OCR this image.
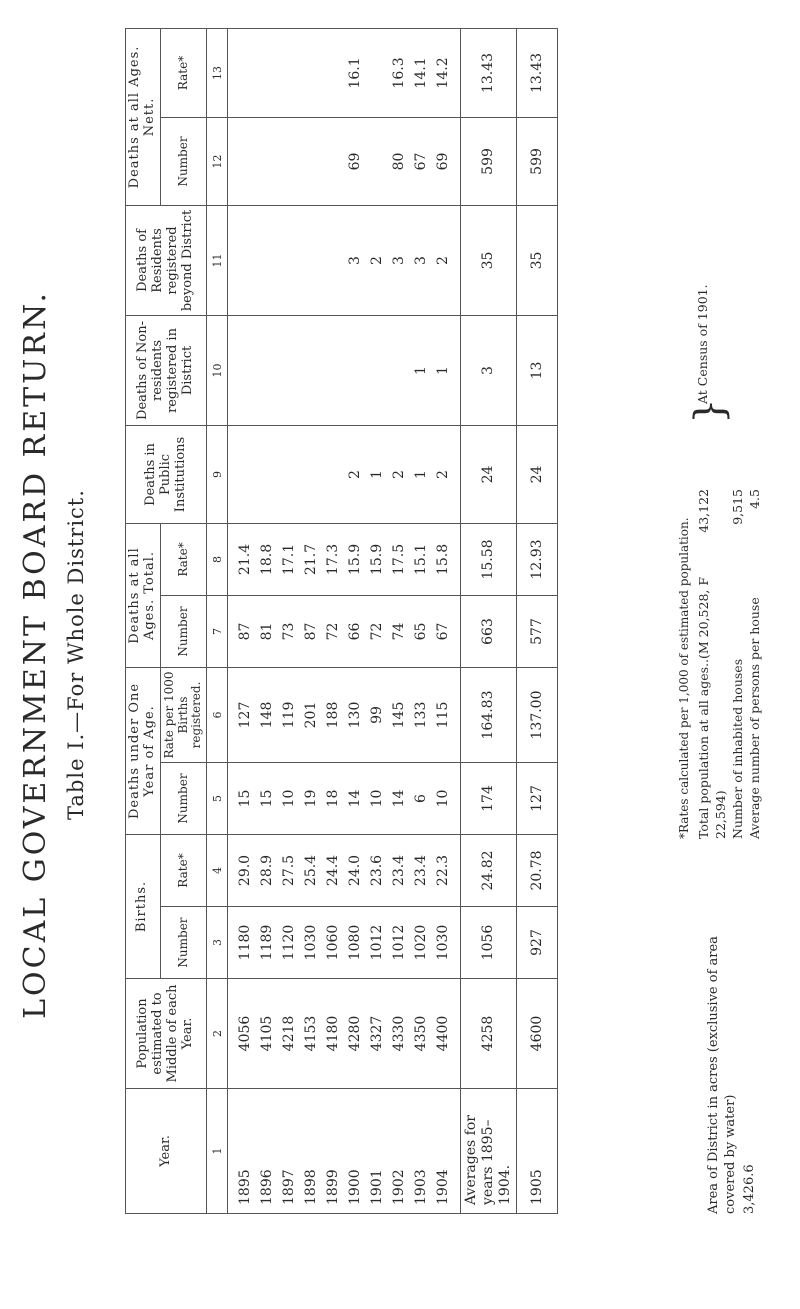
LOCAL GOVERNMENT BOARD RETURN. Table I.—For Whole District.
Year.	Population estimated to Middle of each Year.	Births.		Deaths under One Year of Age.		Deaths at all Ages. Total.		Deaths in Public Institutions	Deaths of Non-residents registered in District	Deaths of Residents registered beyond District	Deaths at all Ages. Nett.	
		Number	Rate*	Number	Rate per 1000 Births registered.	Number	Rate*				Number	Rate*
1	2	3	4	5	6	7	8	9	10	11	12	13
1895	4056	1180	29.0	15	127	87	21.4					
1896	4105	1189	28.9	15	148	81	18.8					
1897	4218	1120	27.5	10	119	73	17.1					
1898	4153	1030	25.4	19	201	87	21.7					
1899	4180	1060	24.4	18	188	72	17.3					
1900	4280	1080	24.0	14	130	66	15.9	2		3	69	16.1
1901	4327	1012	23.6	10	99	72	15.9	1		2		
1902	4330	1012	23.4	14	145	74	17.5	2		3	80	16.3
1903	4350	1020	23.4	6	133	65	15.1	1	1	3	67	14.1
1904	4400	1030	22.3	10	115	67	15.8	2	1	2	69	14.2
Averages for years 1895–1904.	4258	1056	24.82	174	164.83	663	15.58	24	3	35	599	13.43
1905	4600	927	20.78	127	137.00	577	12.93	24	13	35	599	13.43
Area of District in acres (exclusive of area covered by water) 3,426.6
*Rates calculated per 1,000 of estimated population. Total population at all ages..(M 20,528, F 22,594)
43,122
Number of inhabited houses
9,515
Average number of persons per house
4.5
}
At Census of 1901.
